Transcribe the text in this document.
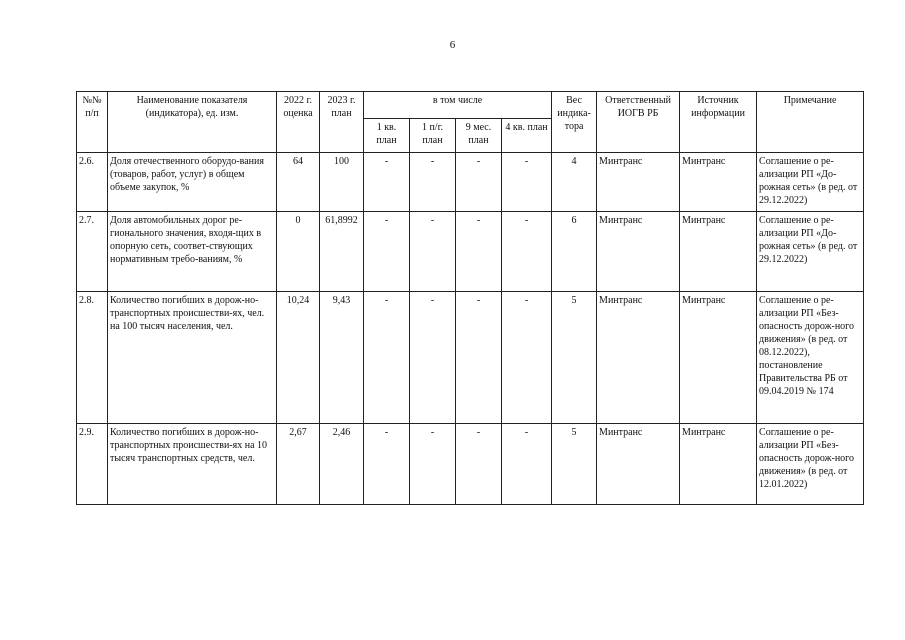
6
№№ п/п	Наименование показателя (индикатора), ед. изм.	2022 г. оценка	2023 г. план	в том числе				Вес индика-тора	Ответственный ИОГВ РБ	Источник информации	Примечание
				1 кв. план	1 п/г. план	9 мес. план	4 кв. план				
2.6.	Доля отечественного оборудо-вания (товаров, работ, услуг) в общем объеме закупок, %	64	100	-	-	-	-	4	Минтранс	Минтранс	Соглашение о ре-ализации РП «До-рожная сеть» (в ред. от 29.12.2022)
2.7.	Доля автомобильных дорог ре-гионального значения, входя-щих в опорную сеть, соответ-ствующих нормативным требо-ваниям, %	0	61,8992	-	-	-	-	6	Минтранс	Минтранс	Соглашение о ре-ализации РП «До-рожная сеть» (в ред. от 29.12.2022)
2.8.	Количество погибших в дорож-но-транспортных происшестви-ях, чел. на 100 тысяч населения, чел.	10,24	9,43	-	-	-	-	5	Минтранс	Минтранс	Соглашение о ре-ализации РП «Без-опасность дорож-ного движения» (в ред. от 08.12.2022), постановление Правительства РБ от 09.04.2019 № 174
2.9.	Количество погибших в дорож-но-транспортных происшестви-ях на 10 тысяч транспортных средств, чел.	2,67	2,46	-	-	-	-	5	Минтранс	Минтранс	Соглашение о ре-ализации РП «Без-опасность дорож-ного движения» (в ред. от 12.01.2022)
